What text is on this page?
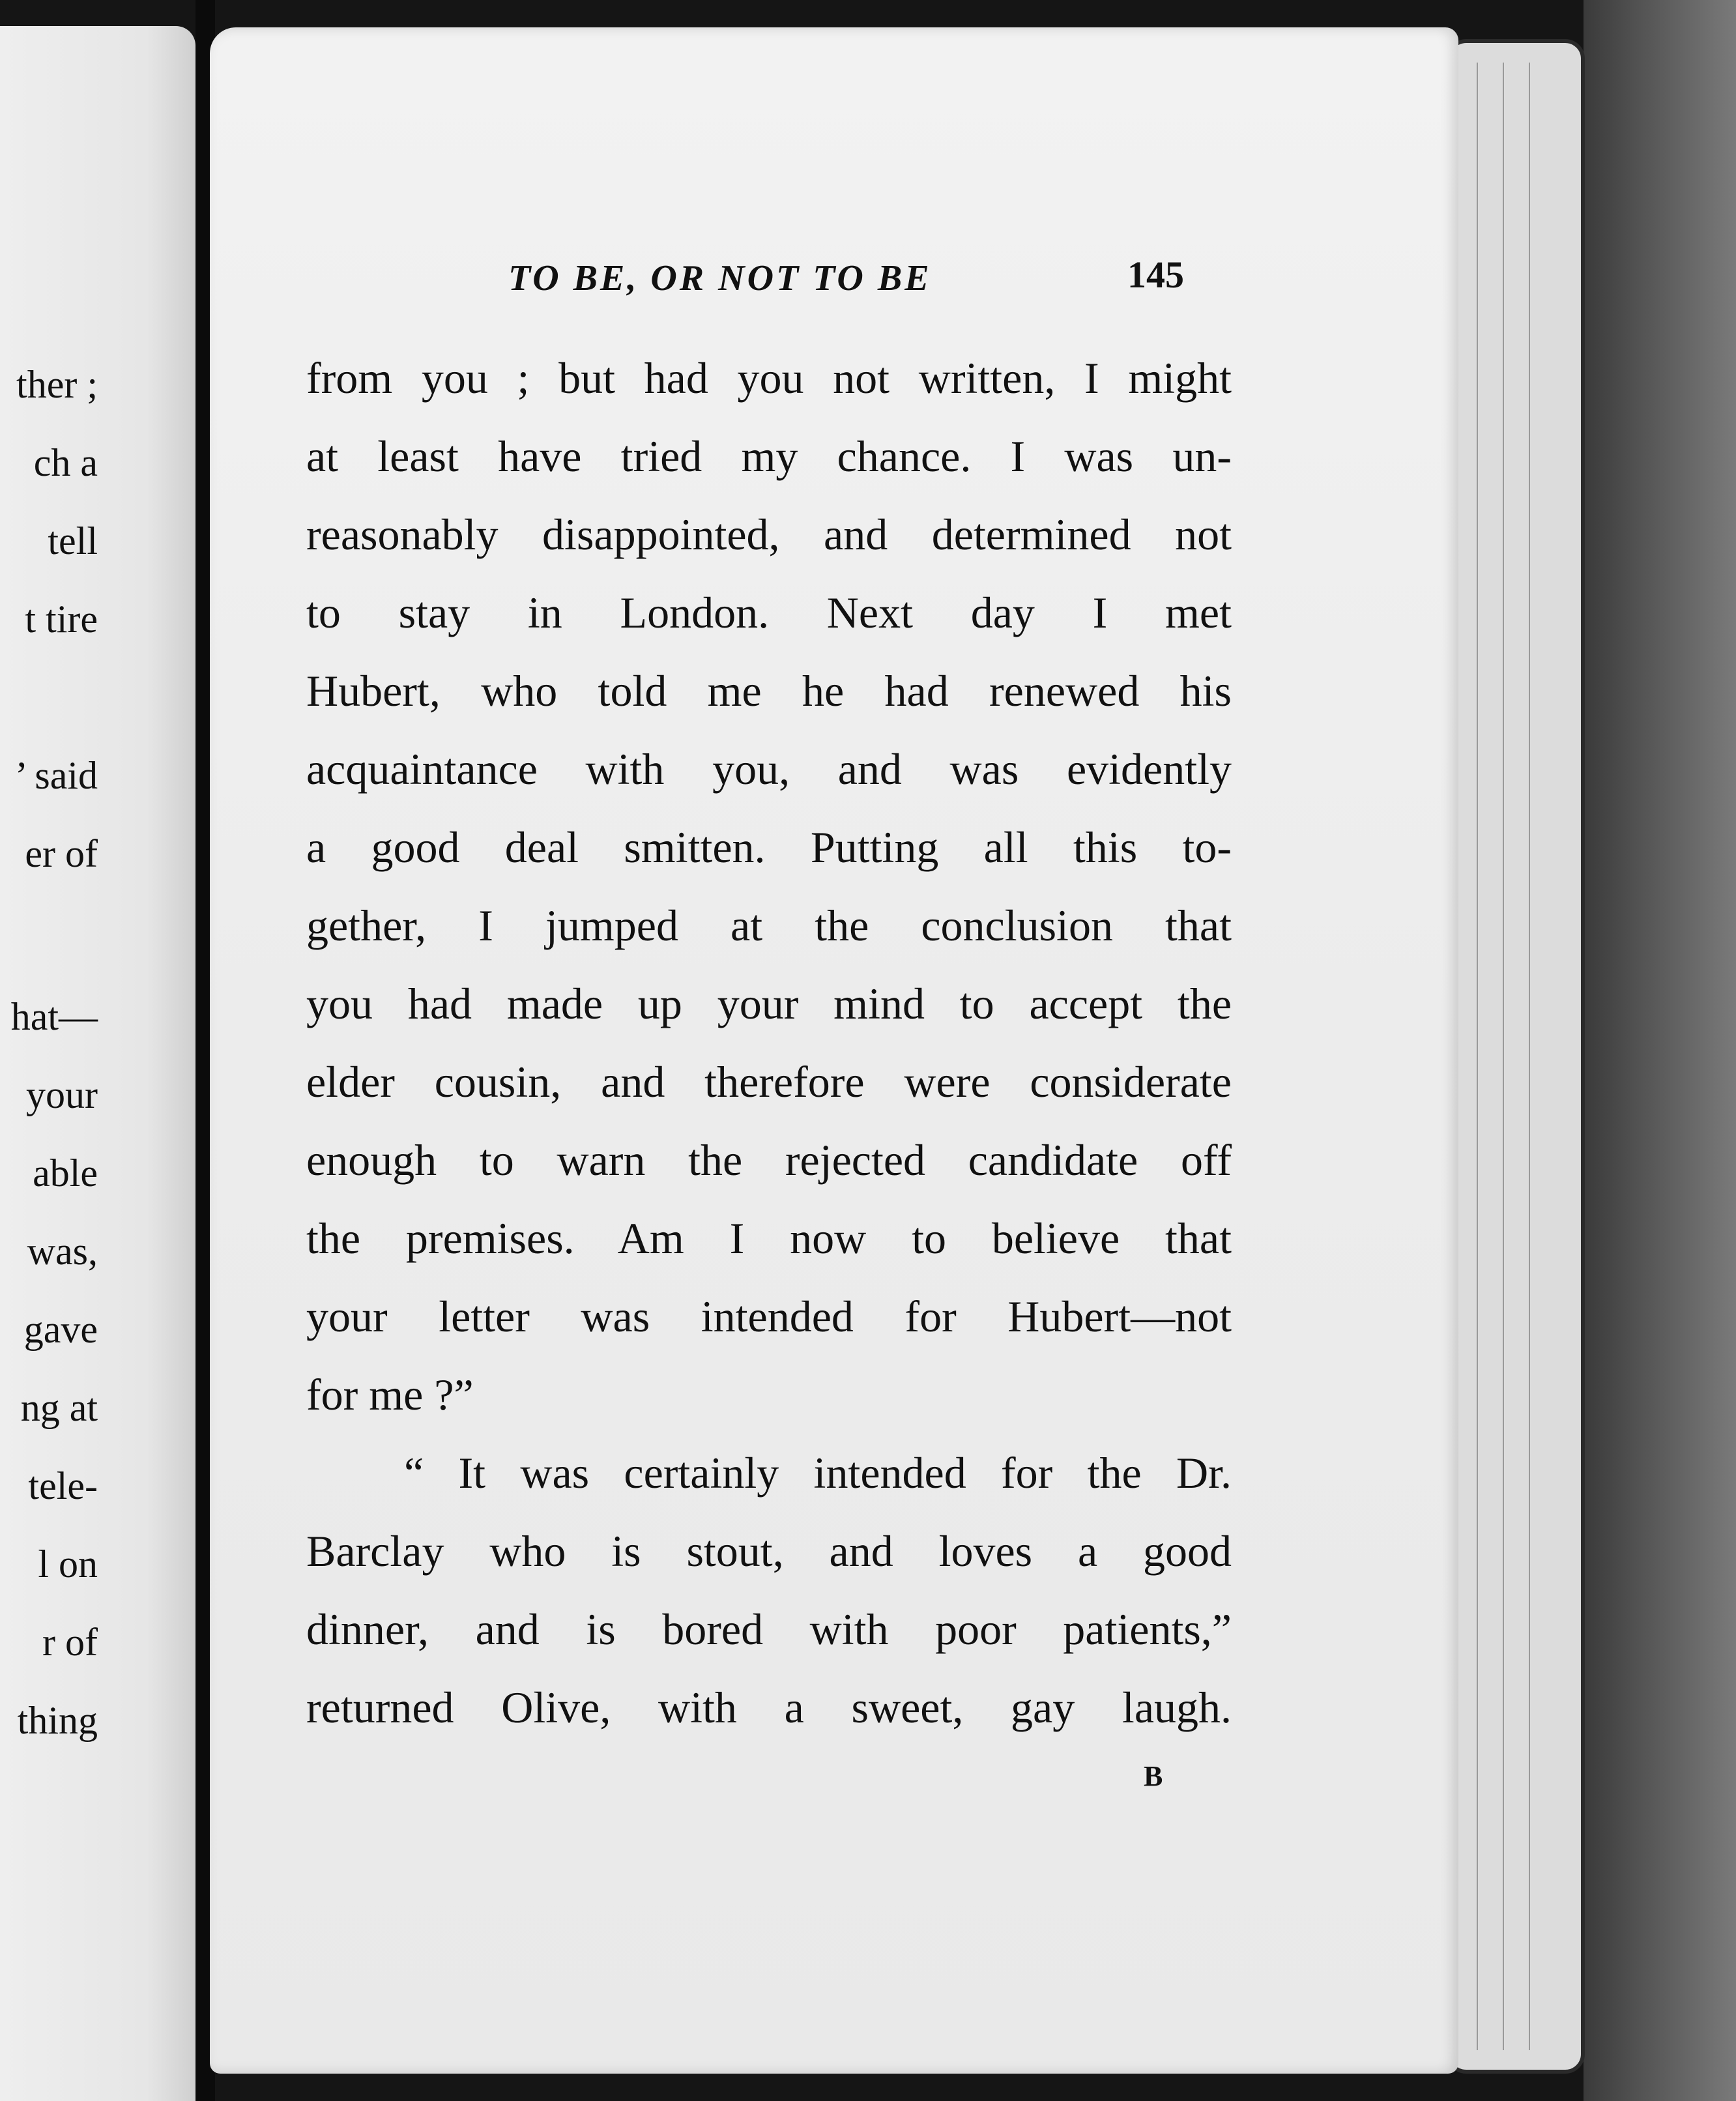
ther ;
ch a
tell
t tire
’ said
er of
hat—
your
able
was,
gave
ng at
tele-
l on
r of
thing
TO BE, OR NOT TO BE	145
from you ; but had you not written, I might
at least have tried my chance. I was un-
reasonably disappointed, and determined not
to stay in London. Next day I met
Hubert, who told me he had renewed his
acquaintance with you, and was evidently
a good deal smitten. Putting all this to-
gether, I jumped at the conclusion that
you had made up your mind to accept the
elder cousin, and therefore were considerate
enough to warn the rejected candidate off
the premises. Am I now to believe that
your letter was intended for Hubert—not
for me ?”
“ It was certainly intended for the Dr.
Barclay who is stout, and loves a good
dinner, and is bored with poor patients,”
returned Olive, with a sweet, gay laugh.
B
